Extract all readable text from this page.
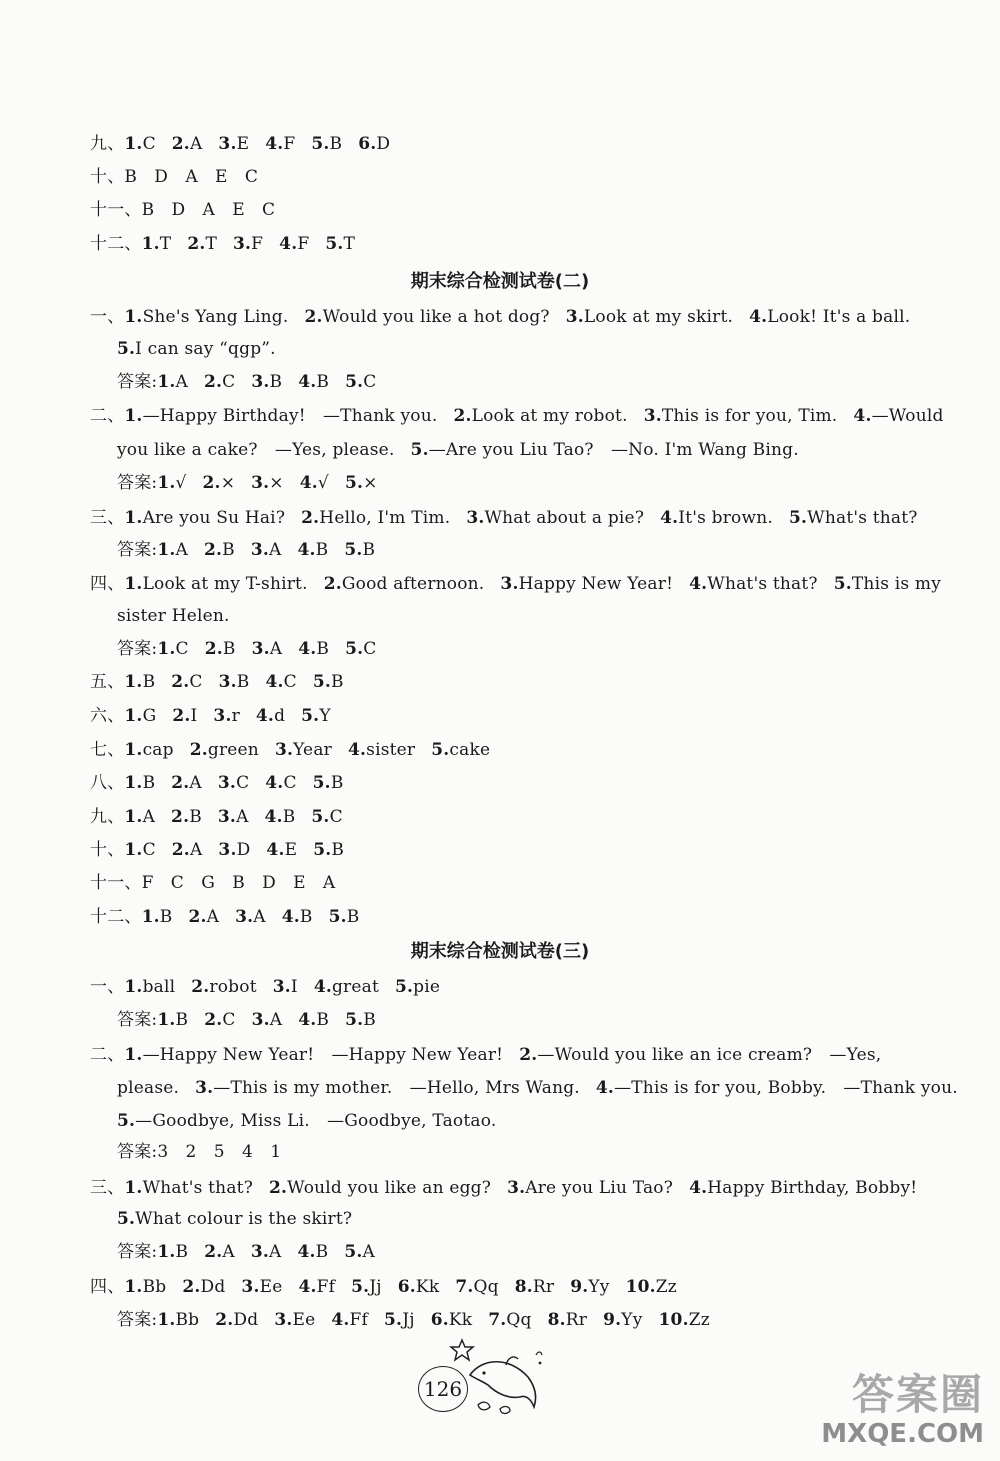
九、1.C 2.A 3.E 4.F 5.B 6.D
十、B　D　A　E　C
十一、B　D　A　E　C
十二、1.T 2.T 3.F 4.F 5.T
期末综合检测试卷(二)
一、1.She's Yang Ling. 2.Would you like a hot dog? 3.Look at my skirt. 4.Look! It's a ball.
5.I can say “qgp”.
答案:1.A 2.C 3.B 4.B 5.C
二、1.—Happy Birthday!　—Thank you. 2.Look at my robot. 3.This is for you, Tim. 4.—Would
you like a cake?　—Yes, please. 5.—Are you Liu Tao?　—No. I'm Wang Bing.
答案:1.√ 2.× 3.× 4.√ 5.×
三、1.Are you Su Hai? 2.Hello, I'm Tim. 3.What about a pie? 4.It's brown. 5.What's that?
答案:1.A 2.B 3.A 4.B 5.B
四、1.Look at my T-shirt. 2.Good afternoon. 3.Happy New Year! 4.What's that? 5.This is my
sister Helen.
答案:1.C 2.B 3.A 4.B 5.C
五、1.B 2.C 3.B 4.C 5.B
六、1.G 2.I 3.r 4.d 5.Y
七、1.cap 2.green 3.Year 4.sister 5.cake
八、1.B 2.A 3.C 4.C 5.B
九、1.A 2.B 3.A 4.B 5.C
十、1.C 2.A 3.D 4.E 5.B
十一、F　C　G　B　D　E　A
十二、1.B 2.A 3.A 4.B 5.B
期末综合检测试卷(三)
一、1.ball 2.robot 3.I 4.great 5.pie
答案:1.B 2.C 3.A 4.B 5.B
二、1.—Happy New Year!　—Happy New Year! 2.—Would you like an ice cream?　—Yes,
please. 3.—This is my mother.　—Hello, Mrs Wang. 4.—This is for you, Bobby.　—Thank you.
5.—Goodbye, Miss Li.　—Goodbye, Taotao.
答案:3　2　5　4　1
三、1.What's that? 2.Would you like an egg? 3.Are you Liu Tao? 4.Happy Birthday, Bobby!
5.What colour is the skirt?
答案:1.B 2.A 3.A 4.B 5.A
四、1.Bb 2.Dd 3.Ee 4.Ff 5.Jj 6.Kk 7.Qq 8.Rr 9.Yy 10.Zz
答案:1.Bb 2.Dd 3.Ee 4.Ff 5.Jj 6.Kk 7.Qq 8.Rr 9.Yy 10.Zz
126	答案圈
MXQE.COM
